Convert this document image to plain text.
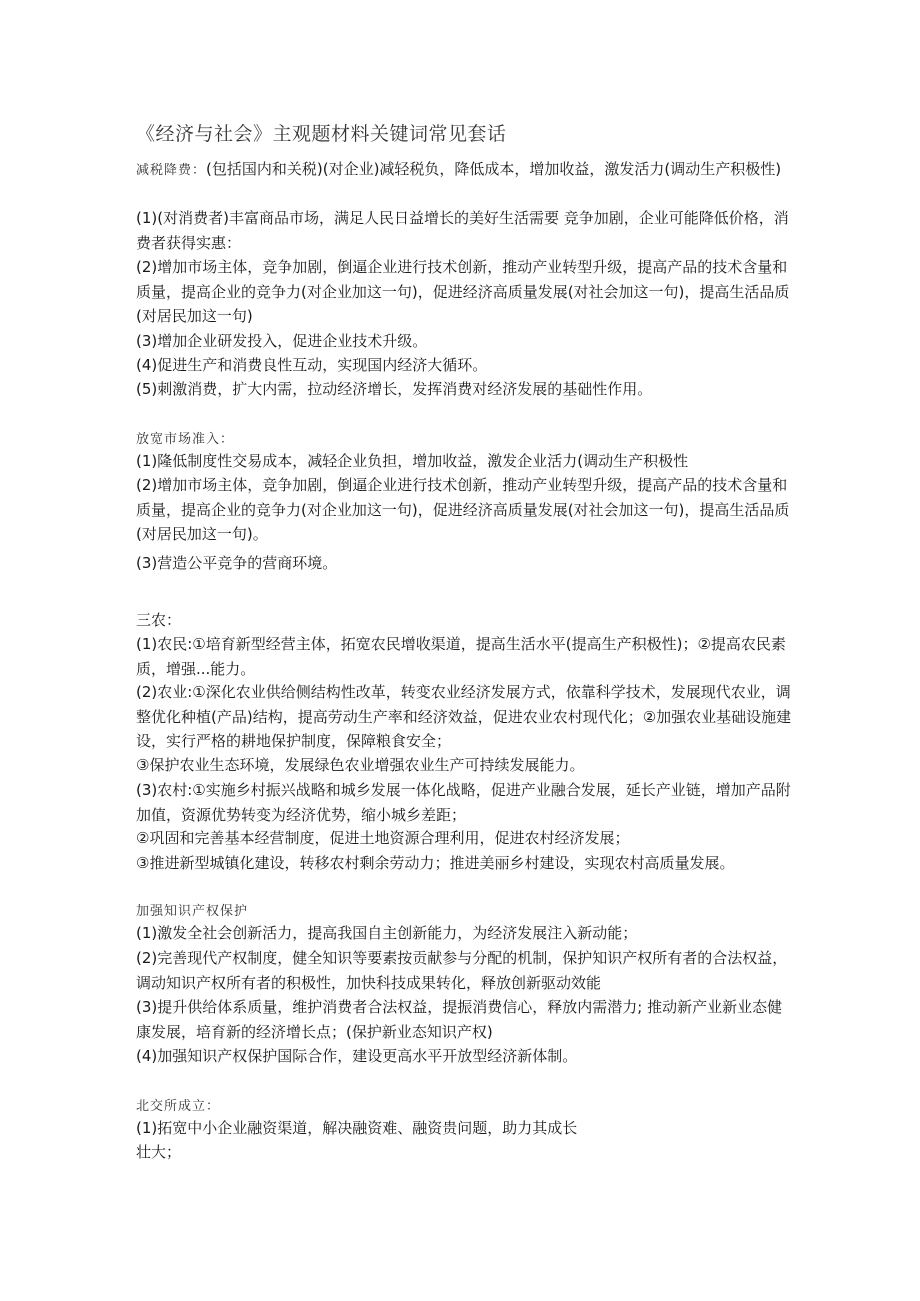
《经济与社会》主观题材料关键词常见套话
减税降费：(包括国内和关税)(对企业)减轻税负，降低成本，增加收益，激发活力(调动生产积极性)
(1)(对消费者)丰富商品市场，满足人民日益增长的美好生活需要 竞争加剧，企业可能降低价格，消费者获得实惠：
(2)增加市场主体，竞争加剧，倒逼企业进行技术创新，推动产业转型升级，提高产品的技术含量和质量，提高企业的竞争力(对企业加这一句)，促进经济高质量发展(对社会加这一句)，提高生活品质(对居民加这一句)
(3)增加企业研发投入，促进企业技术升级。
(4)促进生产和消费良性互动，实现国内经济大循环。
(5)刺激消费，扩大内需，拉动经济增长，发挥消费对经济发展的基础性作用。
放宽市场准入：
(1)隆低制度性交易成本，减轻企业负担，增加收益，激发企业活力(调动生产积极性
(2)增加市场主体，竞争加剧，倒逼企业进行技术创新，推动产业转型升级，提高产品的技术含量和质量，提高企业的竞争力(对企业加这一句)，促进经济高质量发展(对社会加这一句)，提高生活品质(对居民加这一句)。
(3)营造公平竞争的营商环境。
三农：
(1)农民:①培育新型经营主体，拓宽农民增收渠道，提高生活水平(提高生产积极性)；②提高农民素质，增强...能力。
(2)农业:①深化农业供给侧结构性改革，转变农业经济发展方式，依靠科学技术，发展现代农业，调整优化种植(产品)结构，提高劳动生产率和经济效益，促进农业农村现代化；②加强农业基础设施建设，实行严格的耕地保护制度，保障粮食安全；
③保护农业生态环境，发展绿色农业增强农业生产可持续发展能力。
(3)农村:①实施乡村振兴战略和城乡发展一体化战略，促进产业融合发展，延长产业链，增加产品附加值，资源优势转变为经济优势，缩小城乡差距；
②巩固和完善基本经营制度，促进土地资源合理利用，促进农村经济发展；
③推进新型城镇化建设，转移农村剩余劳动力；推进美丽乡村建设，实现农村高质量发展。
加强知识产权保护
(1)激发全社会创新活力，提高我国自主创新能力，为经济发展注入新动能；
(2)完善现代产权制度，健全知识等要素按贡献参与分配的机制，保护知识产权所有者的合法权益，调动知识产权所有者的积极性，加快科技成果转化，释放创新驱动效能
(3)提升供给体系质量，维护消费者合法权益，提振消费信心，释放内需潜力; 推动新产业新业态健康发展，培育新的经济增长点；(保护新业态知识产权)
(4)加强知识产权保护国际合作，建设更高水平开放型经济新体制。
北交所成立：
(1)拓宽中小企业融资渠道，解决融资难、融资贵问题，助力其成长
壮大；
